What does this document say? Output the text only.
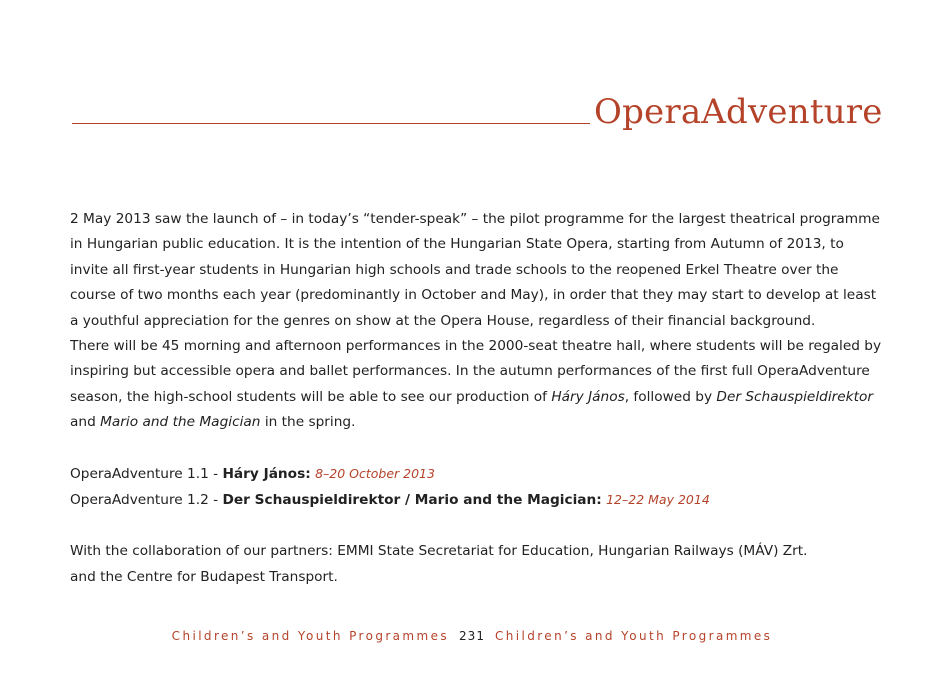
OperaAdventure

2 May 2013 saw the launch of – in today’s “tender-speak” – the pilot programme for the largest theatrical programme in Hungarian public education. It is the intention of the Hungarian State Opera, starting from Autumn of 2013, to invite all first-year students in Hungarian high schools and trade schools to the reopened Erkel Theatre over the course of two months each year (predominantly in October and May), in order that they may start to develop at least a youthful appreciation for the genres on show at the Opera House, regardless of their financial background.

There will be 45 morning and afternoon performances in the 2000-seat theatre hall, where students will be regaled by inspiring but accessible opera and ballet performances. In the autumn performances of the first full OperaAdventure season, the high-school students will be able to see our production of Háry János, followed by Der Schauspieldirektor and Mario and the Magician in the spring.

OperaAdventure 1.1 - Háry János: 8–20 October 2013

OperaAdventure 1.2 - Der Schauspieldirektor / Mario and the Magician: 12–22 May 2014

With the collaboration of our partners: EMMI State Secretariat for Education, Hungarian Railways (MÁV) Zrt.

and the Centre for Budapest Transport.

Children’s and Youth Programmes 231 Children’s and Youth Programmes
